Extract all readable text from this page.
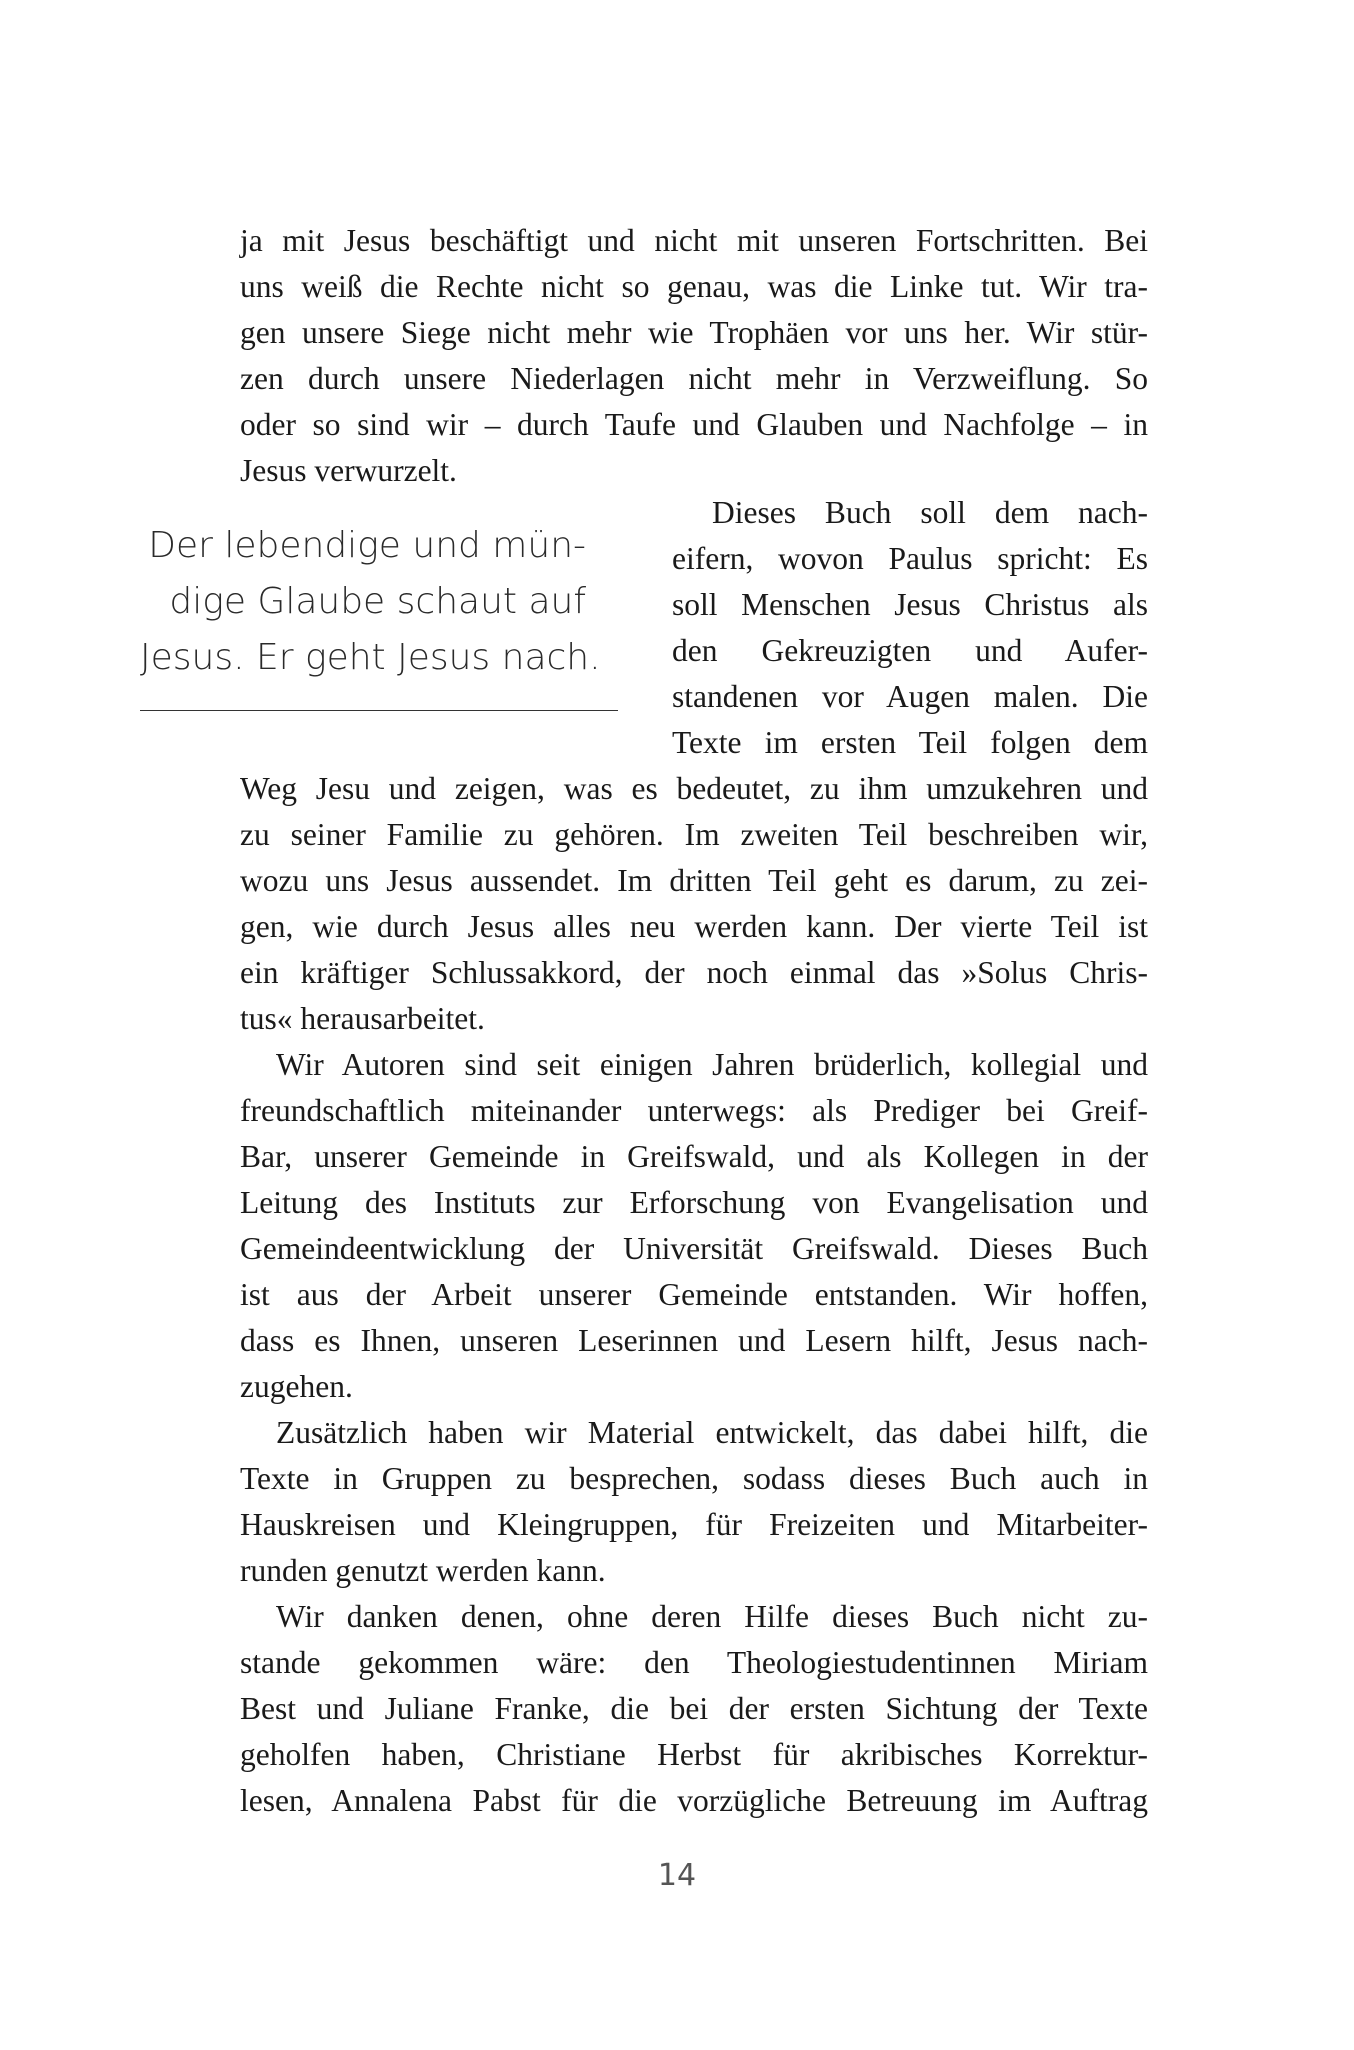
ja mit Jesus beschäftigt und nicht mit unseren Fortschritten. Bei
uns weiß die Rechte nicht so genau, was die Linke tut. Wir tra-
gen unsere Siege nicht mehr wie Trophäen vor uns her. Wir stür-
zen durch unsere Niederlagen nicht mehr in Verzweiflung. So
oder so sind wir – durch Taufe und Glauben und Nachfolge – in
Jesus verwurzelt.
Der lebendige und mün-
dige Glaube schaut auf
Jesus. Er geht Jesus nach.
Dieses Buch soll dem nach-
eifern, wovon Paulus spricht: Es
soll Menschen Jesus Christus als
den Gekreuzigten und Aufer-
standenen vor Augen malen. Die
Texte im ersten Teil folgen dem
Weg Jesu und zeigen, was es bedeutet, zu ihm umzukehren und
zu seiner Familie zu gehören. Im zweiten Teil beschreiben wir,
wozu uns Jesus aussendet. Im dritten Teil geht es darum, zu zei-
gen, wie durch Jesus alles neu werden kann. Der vierte Teil ist
ein kräftiger Schlussakkord, der noch einmal das »Solus Chris-
tus« herausarbeitet.
Wir Autoren sind seit einigen Jahren brüderlich, kollegial und
freundschaftlich miteinander unterwegs: als Prediger bei Greif-
Bar, unserer Gemeinde in Greifswald, und als Kollegen in der
Leitung des Instituts zur Erforschung von Evangelisation und
Gemeindeentwicklung der Universität Greifswald. Dieses Buch
ist aus der Arbeit unserer Gemeinde entstanden. Wir hoffen,
dass es Ihnen, unseren Leserinnen und Lesern hilft, Jesus nach-
zugehen.
Zusätzlich haben wir Material entwickelt, das dabei hilft, die
Texte in Gruppen zu besprechen, sodass dieses Buch auch in
Hauskreisen und Kleingruppen, für Freizeiten und Mitarbeiter-
runden genutzt werden kann.
Wir danken denen, ohne deren Hilfe dieses Buch nicht zu-
stande gekommen wäre: den Theologiestudentinnen Miriam
Best und Juliane Franke, die bei der ersten Sichtung der Texte
geholfen haben, Christiane Herbst für akribisches Korrektur-
lesen, Annalena Pabst für die vorzügliche Betreuung im Auftrag
14
